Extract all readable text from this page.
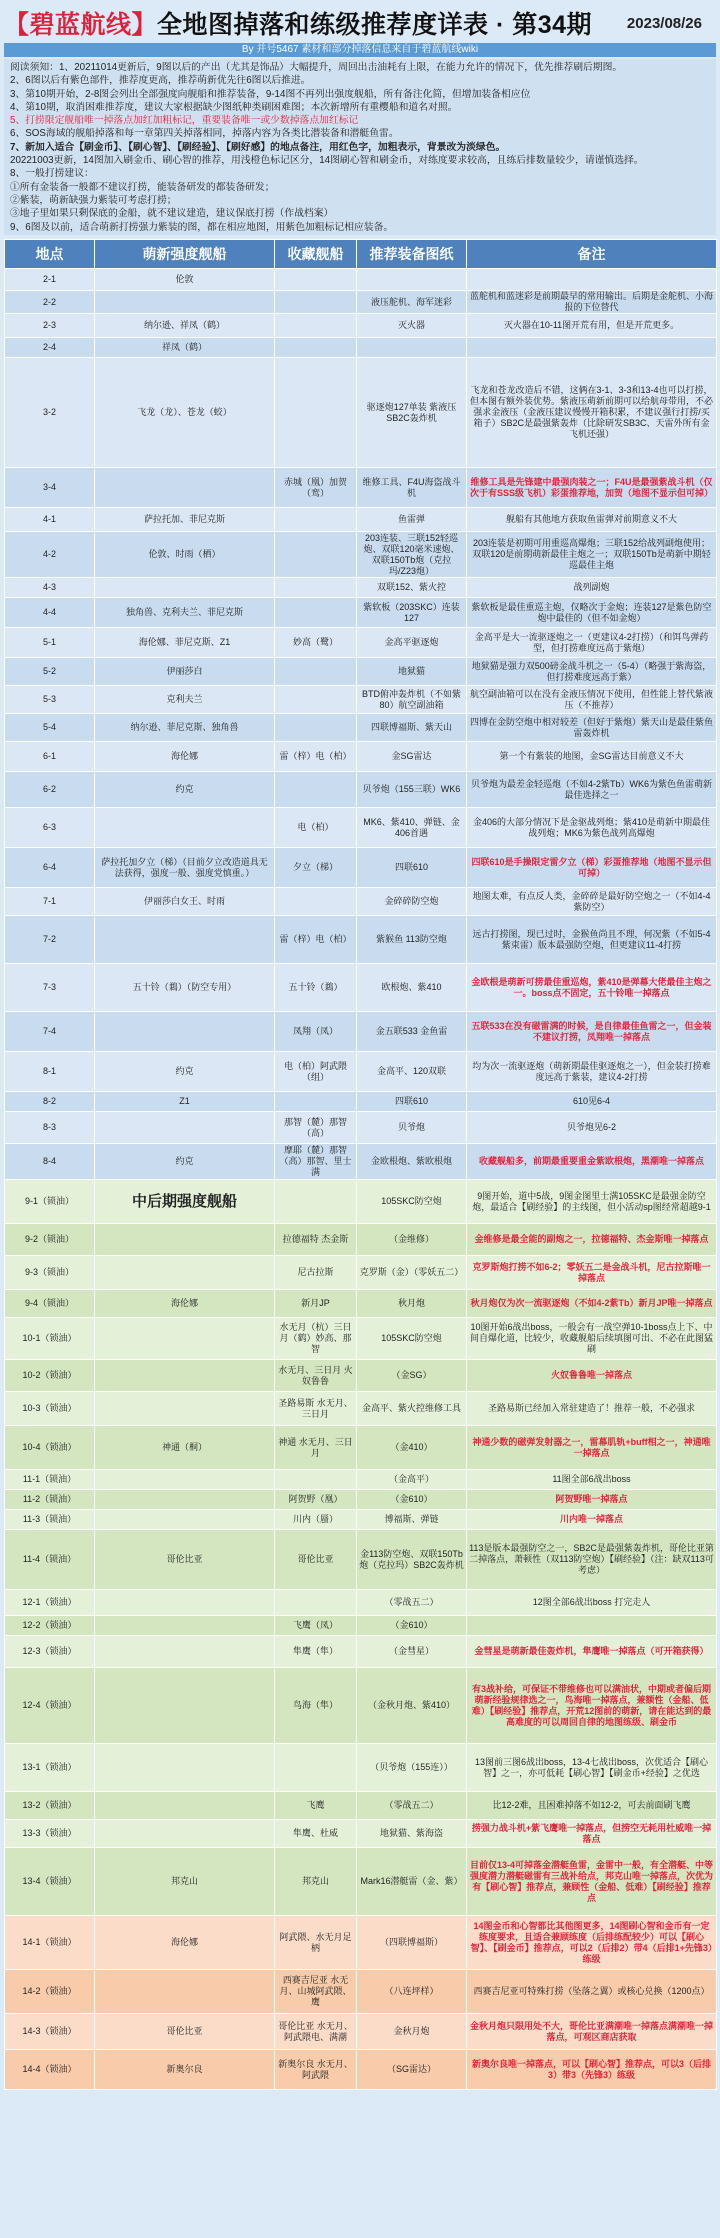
【碧蓝航线】全地图掉落和练级推荐度详表 · 第34期 2023/08/26
By 并号5467 素材和部分掉落信息来自于碧蓝航线wiki
阅读须知：1、20211014更新后，9图以后的产出（尤其是饰品）大幅提升，周回出击油耗有上限，在能力允许的情况下，优先推荐刷后期图。
2、6图以后有紫色部件，推荐度更高，推荐萌新优先往6图以后推进。
3、第10期开始，2-8图会列出全部强度向舰船和推荐装备，9-14图不再列出强度舰船，所有备注化简，但增加装备相应位
4、第10期，取消困难推荐度，建议大家根据缺少图纸种类刷困难图；本次新增所有重樱船和道名对照。
5、打捞限定舰船唯一掉落点加红加粗标记，重要装备唯一或少数掉落点加红标记
6、SOS海域的舰船掉落和每一章第四关掉落相同，掉落内容为各类比潜装备和潜艇鱼雷。
7、新加入适合【刷金币】、【刷心智】、【刷经验】、【刷好感】的地点备注，用红色字，加粗表示，背景改为淡绿色。
20221003更新，14图加入刷金币、刷心智的推荐，用浅橙色标记区分，14图刷心智和刷金币，对练度要求较高，且练后排数量较少，请谨慎选择。
8、一般打捞建议：
①所有金装备一般都不建议打捞，能装备研发的都装备研发；
②紫装，萌新缺强力紫装可考虑打捞；
③地子里如果只剩保底的金船，就不建议建造，建议保底打捞（作战档案）
9、6图及以前，适合萌新打捞强力紫装的图，都在相应地图，用紫色加粗标记相应装备。
地点	萌新强度舰船	收藏舰船	推荐装备图纸	备注
2-1	伦敦			
2-2			液压舵机、海军迷彩	蓝舵机和蓝迷彩是前期最早的常用输出。后期是金舵机、小海报的下位替代
2-3	纳尔逊、祥凤（鹤）		灭火器	灭火器在10-11图开荒有用，但是开荒更多。
2-4	祥凤（鹤）			
3-2	飞龙（龙）、苍龙（蛟）		驱逐炮127单装 紫液压 SB2C轰炸机	飞龙和苍龙改造后不错，这俩在3-1、3-3和13-4也可以打捞，但本图有额外装优势。紫液压萌新前期可以给航母带用，不必强求金液压（金液压建议慢慢开箱积累，不建议强行打捞/买箱子）SB2C是最强紫轰炸（比除研发SB3C、天雷外所有金飞机还强）
3-4		赤城（凰）加贺（鸾）	维修工具、F4U海盗战斗机	维修工具是先锋建中最强肉装之一；F4U是最强紫战斗机（仅次于有SSS级飞机）彩蛋推荐地，加贺（地图不显示但可掉）
4-1	萨拉托加、菲尼克斯		鱼雷弹	舰船有其他地方获取鱼雷弹对前期意义不大
4-2	伦敦、时雨（栖）		203连装、三联152轻巡炮、双联120毫米速炮、双联150Tb炮（克拉玛/Z23炮）	203连装是初期可用重巡高爆炮；三联152给战列副炮使用；双联120是前期萌新最佳主炮之一；双联150Tb是萌新中期轻巡最佳主炮
4-3			双联152、紫火控	战列副炮
4-4	独角兽、克利夫兰、菲尼克斯		紫软板（203SKC）连装127	紫软板是最佳重巡主炮，仅略次于金炮；连装127是紫色防空炮中最佳的（但不如金炮）
5-1	海伦娜、菲尼克斯、Z1	妙高（鹭）	金高平驱逐炮	金高平是大一流驱逐炮之一（更建议4-2打捞）（和饵鸟弹药型，但打捞难度远高于紫炮）
5-2	伊丽莎白		地狱猫	地狱猫是强力双500磅金战斗机之一（5-4）（略强于紫海盗，但打捞难度远高于紫）
5-3	克利夫兰		BTD俯冲轰炸机（不如紫80）航空副油箱	航空副油箱可以在没有金液压情况下使用，但性能上替代紫液压（不推荐）
5-4	纳尔逊、菲尼克斯、独角兽		四联博福斯、紫天山	四博在金防空炮中相对较差（但好于紫炮）紫天山是最佳紫鱼雷轰炸机
6-1	海伦娜	雷（梓）电（柏）	金SG雷达	第一个有紫装的地图，金SG雷达目前意义不大
6-2	约克		贝爷炮（155三联）WK6	贝爷炮为最差金轻巡炮（不如4-2紫Tb）WK6为紫色鱼雷萌新最佳选择之一
6-3		电（柏）	MK6、紫410、弹链、金406首遇	金406的大部分情况下是金驱战列炮；紫410是萌新中期最佳战列炮；MK6为紫色战列高爆炮
6-4	萨拉托加夕立（梯）（目前夕立改造道具无法获得，强度一般、强度党慎重。）	夕立（梯）	四联610	四联610是手操限定雷夕立（梯）彩蛋推荐地（地图不显示但可掉）
7-1	伊丽莎白女王、时雨		金碎碎防空炮	地图太难，有点反人类，金碎碎是最好防空炮之一（不如4-4紫防空）
7-2		雷（梓）电（柏）	紫猴鱼 113防空炮	远古打捞图，现已过时，金猴鱼尚且不理，何况紫（不如5-4紫束雷）版本最强防空炮，但更建议11-4打捞
7-3	五十铃（鶔）（防空专用）	五十铃（鶔）	欧根炮、紫410	金欧根是萌新可捞最佳重巡炮，紫410是弹幕大佬最佳主炮之一。boss点不固定，五十铃唯一掉落点
7-4		凤翔（凤）	金五联533 金鱼雷	五联533在没有磁雷满的时候，是自律最佳鱼雷之一，但金装不建议打捞，凤翔唯一掉落点
8-1	约克	电（柏）阿武隈（组）	金高平、120双联	均为次一流驱逐炮（萌新期最佳驱逐炮之一），但金装打捞难度远高于紫装，建议4-2打捞
8-2	Z1		四联610	610见6-4
8-3		那智（麓）那智（高）	贝爷炮	贝爷炮见6-2
8-4	约克	摩耶（麓）那智（高）那智、里士满	金欧根炮、紫欧根炮	收藏舰船多，前期最重要重金紫欧根炮，黑潮唯一掉落点
9-1（锁油）	中后期强度舰船		105SKC防空炮	9图开始，道中5战，9图金图里士满105SKC是最强金防空炮，最适合【刷经验】的主线图，但小活动sp图经常超越9-1
9-2（锁油）		拉德福特 杰金斯	（金维修）	金维修是最全能的副炮之一，拉德福特、杰金斯唯一掉落点
9-3（锁油）		尼古拉斯	克罗斯（金）（零妖五二）	克罗斯炮打捞不如6-2；零妖五二是金战斗机，尼古拉斯唯一掉落点
9-4（锁油）	海伦娜	新月JP	秋月炮	秋月炮仅为次一流驱逐炮（不如4-2紫Tb）新月JP唯一掉落点
10-1（锁油）		水无月（杭）三日月（鹤）妙高、那智	105SKC防空炮	10图开始6战出boss，一般会有一战空弹10-1boss点上下、中间自爆化道，比较少，收藏舰船后续填图可出、不必在此图猛刷
10-2（锁油）		水无月、三日月 火奴鲁鲁	（金SG）	火奴鲁鲁唯一掉落点
10-3（锁油）		圣路易斯 水无月、三日月	金高平、紫火控维修工具	圣路易斯已经加入常驻建造了！推荐一般，不必强求
10-4（锁油）	神通（桐）	神通 水无月、三日月	（金410）	神通少数的磁弹发射器之一，雷幕肌轨+buff相之一，神通唯一掉落点
11-1（锁油）			（金高平）	11图全部6战出boss
11-2（锁油）		阿贺野（凰）	（金610）	阿贺野唯一掉落点
11-3（锁油）		川内（蜃）	博福斯、弹链	川内唯一掉落点
11-4（锁油）	哥伦比亚	哥伦比亚	金113防空炮、双联150Tb炮（克拉玛）SB2C轰炸机	113是版本最强防空之一，SB2C是最强紫轰炸机，哥伦比亚第二掉落点，萧顿性（双113防空炮）【刷经验】（注：缺双113可考虑）
12-1（锁油）			（零战五二）	12图全部6战出boss 打完走人
12-2（锁油）		飞鹰（凤）	（金610）	
12-3（锁油）		隼鹰（隼）	（金彗星）	金彗星是萌新最佳轰炸机，隼鹰唯一掉落点（可开箱获得）
12-4（锁油）		鸟海（隼）	（金秋月炮、紫410）	有3战补给，可保证不带维修也可以满油状，中期或者偏后期萌新经验规律选之一，鸟海唯一掉落点，兼额性（金船、低难）【刷经验】推荐点，开荒12图前的萌新，请在能达到的最高难度的可以周回自律的地图练级、刷金币
13-1（锁油）			（贝爷炮（155连））	13图前三图6战出boss，13-4七战出boss，次优适合【刷心智】之一，亦可低耗【刷心智】【刷金币+经验】之优选
13-2（锁油）		飞鹰	（零战五二）	比12-2难，且困难掉落不如12-2，可去前面刷飞鹰
13-3（锁油）		隼鹰、杜威	地狱猫、紫海盗	捞强力战斗机+紫飞鹰唯一掉落点，但捞空无耗用杜威唯一掉落点
13-4（锁油）	邦克山	邦克山	Mark16潜艇雷（金、紫）	目前仅13-4可掉落金潜艇鱼雷，金雷中一般，有全潜艇、中等强度潜力潜艇磁雷有三战补给点，邦克山唯一掉落点，次优为有【刷心智】推荐点，兼顾性（金船、低难）【刷经验】推荐点
14-1（锁油）	海伦娜	阿武隈、水无月足柄	（四联博福斯）	14图金币和心智都比其他图更多，14图刷心智和金币有一定练度要求，且适合兼顾练度（后排练配较少）可以【刷心智】、【刷金币】推荐点，可以2（后排2）带4（后排1+先锋3）练级
14-2（锁油）		西赛吉尼亚 水无月、山城阿武隈、鹰	（八连坪样）	西赛吉尼亚可特殊打捞（坠落之翼）或核心兑换（1200点）
14-3（锁油）	哥伦比亚	哥伦比亚 水无月、阿武隈电、满潮	金秋月炮	金秋月炮只限用处不大，哥伦比亚满潮唯一掉落点满潮唯一掉落点，可观区商店获取
14-4（锁油）	新奥尔良	新奥尔良 水无月、阿武隈	（SG雷达）	新奥尔良唯一掉落点，可以【刷心智】推荐点，可以3（后排3）带3（先锋3）练级
